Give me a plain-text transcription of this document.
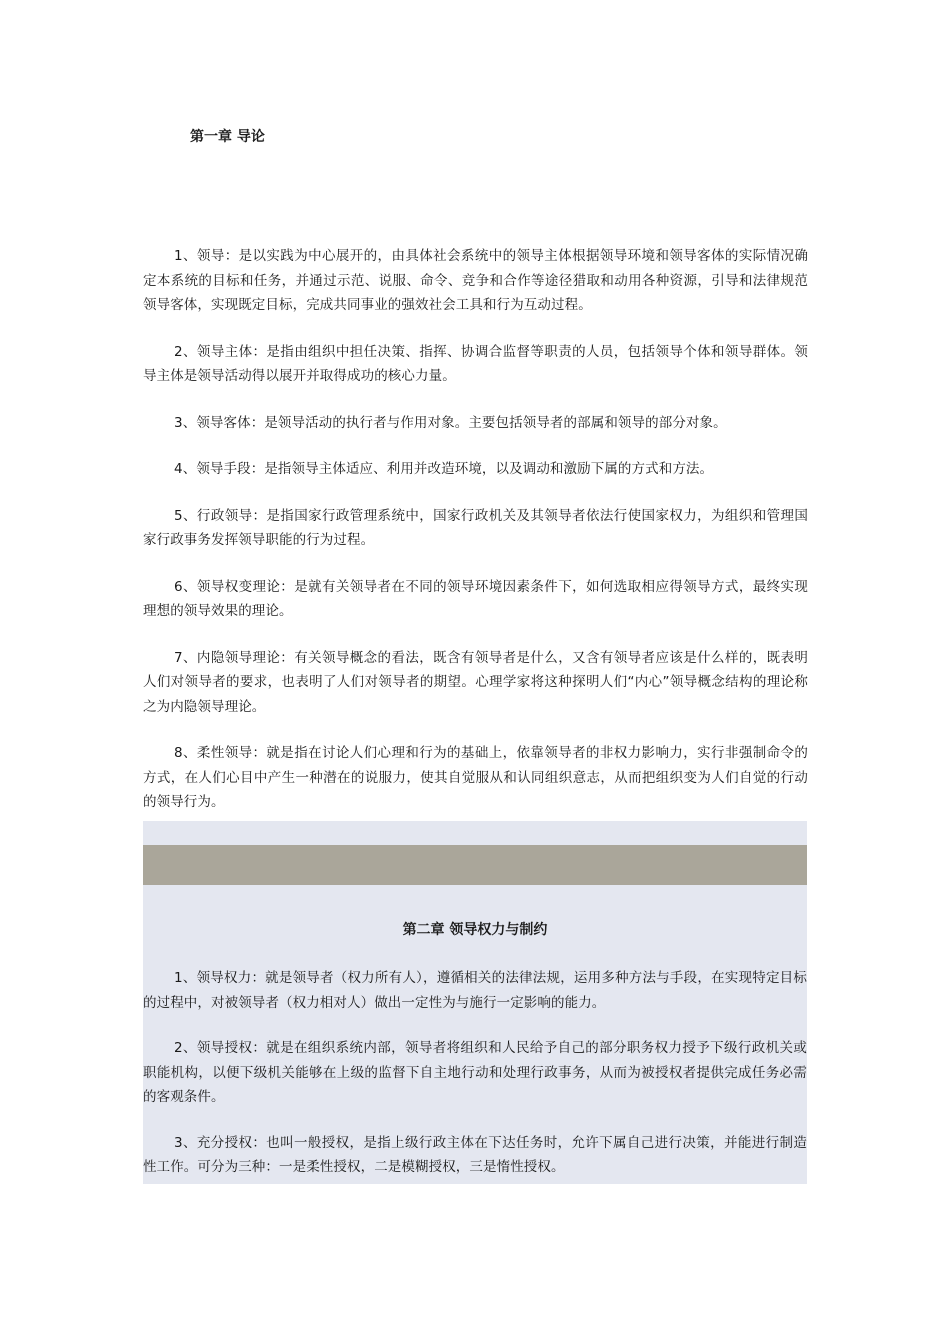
第一章 导论

1、领导：是以实践为中心展开的，由具体社会系统中的领导主体根据领导环境和领导客体的实际情况确定本系统的目标和任务，并通过示范、说服、命令、竞争和合作等途径猎取和动用各种资源，引导和法律规范领导客体，实现既定目标，完成共同事业的强效社会工具和行为互动过程。

2、领导主体：是指由组织中担任决策、指挥、协调合监督等职责的人员，包括领导个体和领导群体。领导主体是领导活动得以展开并取得成功的核心力量。

3、领导客体：是领导活动的执行者与作用对象。主要包括领导者的部属和领导的部分对象。

4、领导手段：是指领导主体适应、利用并改造环境，以及调动和激励下属的方式和方法。

5、行政领导：是指国家行政管理系统中，国家行政机关及其领导者依法行使国家权力，为组织和管理国家行政事务发挥领导职能的行为过程。

6、领导权变理论：是就有关领导者在不同的领导环境因素条件下，如何选取相应得领导方式，最终实现理想的领导效果的理论。

7、内隐领导理论：有关领导概念的看法，既含有领导者是什么，又含有领导者应该是什么样的，既表明人们对领导者的要求，也表明了人们对领导者的期望。心理学家将这种探明人们“内心”领导概念结构的理论称之为内隐领导理论。

8、柔性领导：就是指在讨论人们心理和行为的基础上，依靠领导者的非权力影响力，实行非强制命令的方式，在人们心目中产生一种潜在的说服力，使其自觉服从和认同组织意志，从而把组织变为人们自觉的行动的领导行为。

第二章 领导权力与制约

1、领导权力：就是领导者（权力所有人），遵循相关的法律法规，运用多种方法与手段，在实现特定目标的过程中，对被领导者（权力相对人）做出一定性为与施行一定影响的能力。

2、领导授权：就是在组织系统内部，领导者将组织和人民给予自己的部分职务权力授予下级行政机关或职能机构，以便下级机关能够在上级的监督下自主地行动和处理行政事务，从而为被授权者提供完成任务必需的客观条件。

3、充分授权：也叫一般授权，是指上级行政主体在下达任务时，允许下属自己进行决策，并能进行制造性工作。可分为三种：一是柔性授权，二是模糊授权，三是惰性授权。
